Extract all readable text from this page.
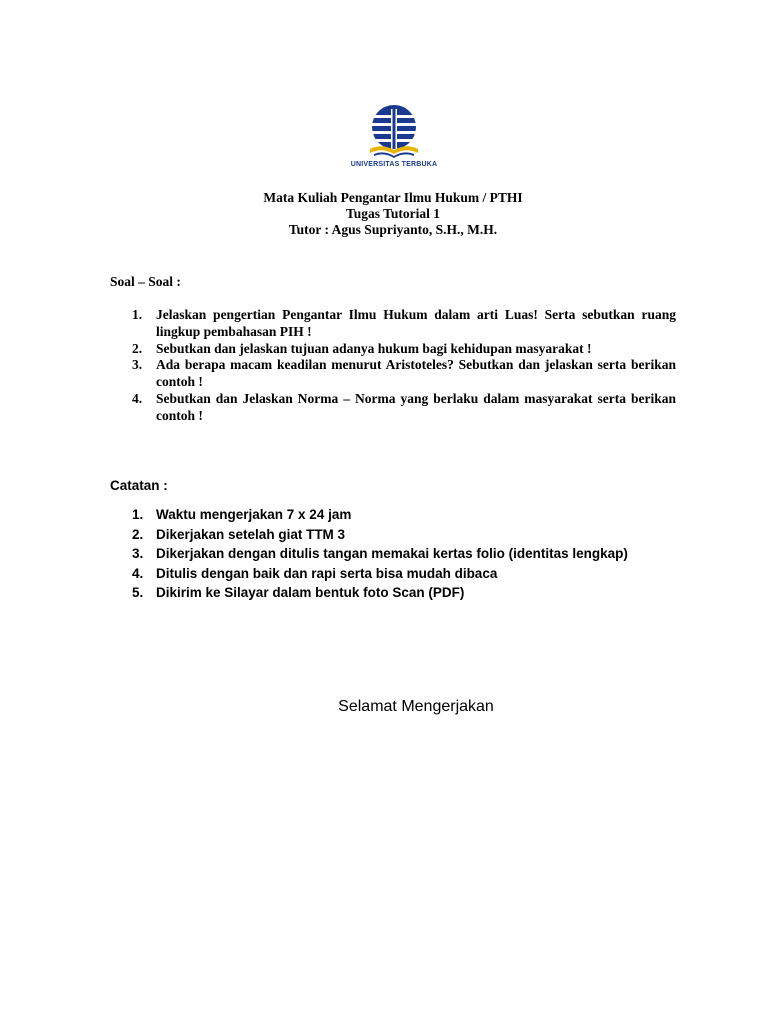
UNIVERSITAS TERBUKA
Mata Kuliah Pengantar Ilmu Hukum / PTHI
Tugas Tutorial 1
Tutor : Agus Supriyanto, S.H., M.H.
Soal – Soal :
1. Jelaskan pengertian Pengantar Ilmu Hukum dalam arti Luas! Serta sebutkan ruang lingkup pembahasan PIH !
2. Sebutkan dan jelaskan tujuan adanya hukum bagi kehidupan masyarakat !
3. Ada berapa macam keadilan menurut Aristoteles? Sebutkan dan jelaskan serta berikan contoh !
4. Sebutkan dan Jelaskan Norma – Norma yang berlaku dalam masyarakat serta berikan contoh !
Catatan :
1. Waktu mengerjakan 7 x 24 jam
2. Dikerjakan setelah giat TTM 3
3. Dikerjakan dengan ditulis tangan memakai kertas folio (identitas lengkap)
4. Ditulis dengan baik dan rapi serta bisa mudah dibaca
5. Dikirim ke Silayar dalam bentuk foto Scan (PDF)
Selamat Mengerjakan
